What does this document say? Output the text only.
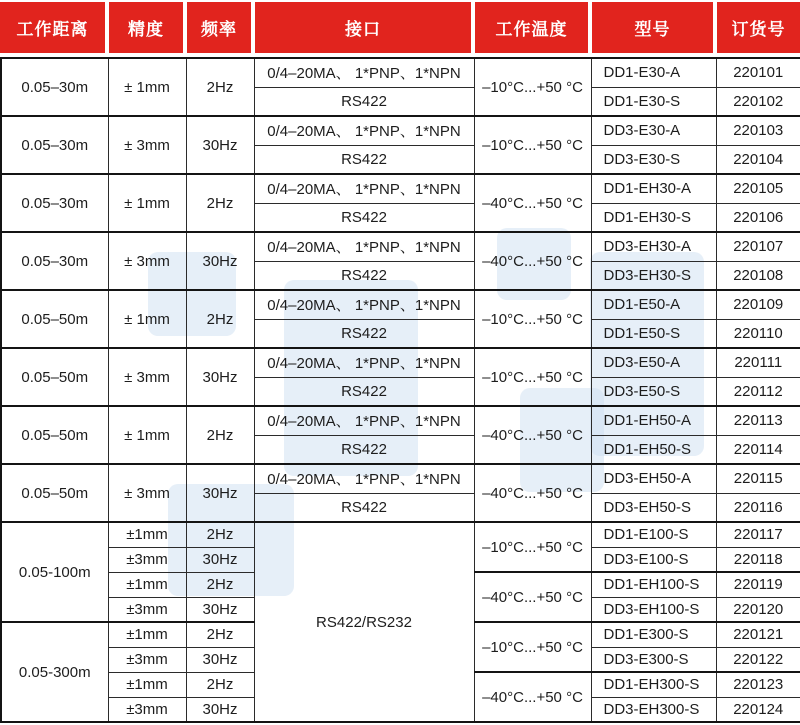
工作距离	精度	频率	接口	工作温度	型号	订货号
0.05–30m	± 1mm	2Hz	0/4–20MA、 1*PNP、1*NPN	–10°C...+50 °C	DD1-E30-A	220101
			RS422		DD1-E30-S	220102
0.05–30m	± 3mm	30Hz	0/4–20MA、 1*PNP、1*NPN	–10°C...+50 °C	DD3-E30-A	220103
			RS422		DD3-E30-S	220104
0.05–30m	± 1mm	2Hz	0/4–20MA、 1*PNP、1*NPN	–40°C...+50 °C	DD1-EH30-A	220105
			RS422		DD1-EH30-S	220106
0.05–30m	± 3mm	30Hz	0/4–20MA、 1*PNP、1*NPN	–40°C...+50 °C	DD3-EH30-A	220107
			RS422		DD3-EH30-S	220108
0.05–50m	± 1mm	2Hz	0/4–20MA、 1*PNP、1*NPN	–10°C...+50 °C	DD1-E50-A	220109
			RS422		DD1-E50-S	220110
0.05–50m	± 3mm	30Hz	0/4–20MA、 1*PNP、1*NPN	–10°C...+50 °C	DD3-E50-A	220111
			RS422		DD3-E50-S	220112
0.05–50m	± 1mm	2Hz	0/4–20MA、 1*PNP、1*NPN	–40°C...+50 °C	DD1-EH50-A	220113
			RS422		DD1-EH50-S	220114
0.05–50m	± 3mm	30Hz	0/4–20MA、 1*PNP、1*NPN	–40°C...+50 °C	DD3-EH50-A	220115
			RS422		DD3-EH50-S	220116
0.05-100m	±1mm	2Hz	RS422/RS232	–10°C...+50 °C	DD1-E100-S	220117
	±3mm	30Hz			DD3-E100-S	220118
	±1mm	2Hz		–40°C...+50 °C	DD1-EH100-S	220119
	±3mm	30Hz			DD3-EH100-S	220120
0.05-300m	±1mm	2Hz		–10°C...+50 °C	DD1-E300-S	220121
	±3mm	30Hz			DD3-E300-S	220122
	±1mm	2Hz		–40°C...+50 °C	DD1-EH300-S	220123
	±3mm	30Hz			DD3-EH300-S	220124
